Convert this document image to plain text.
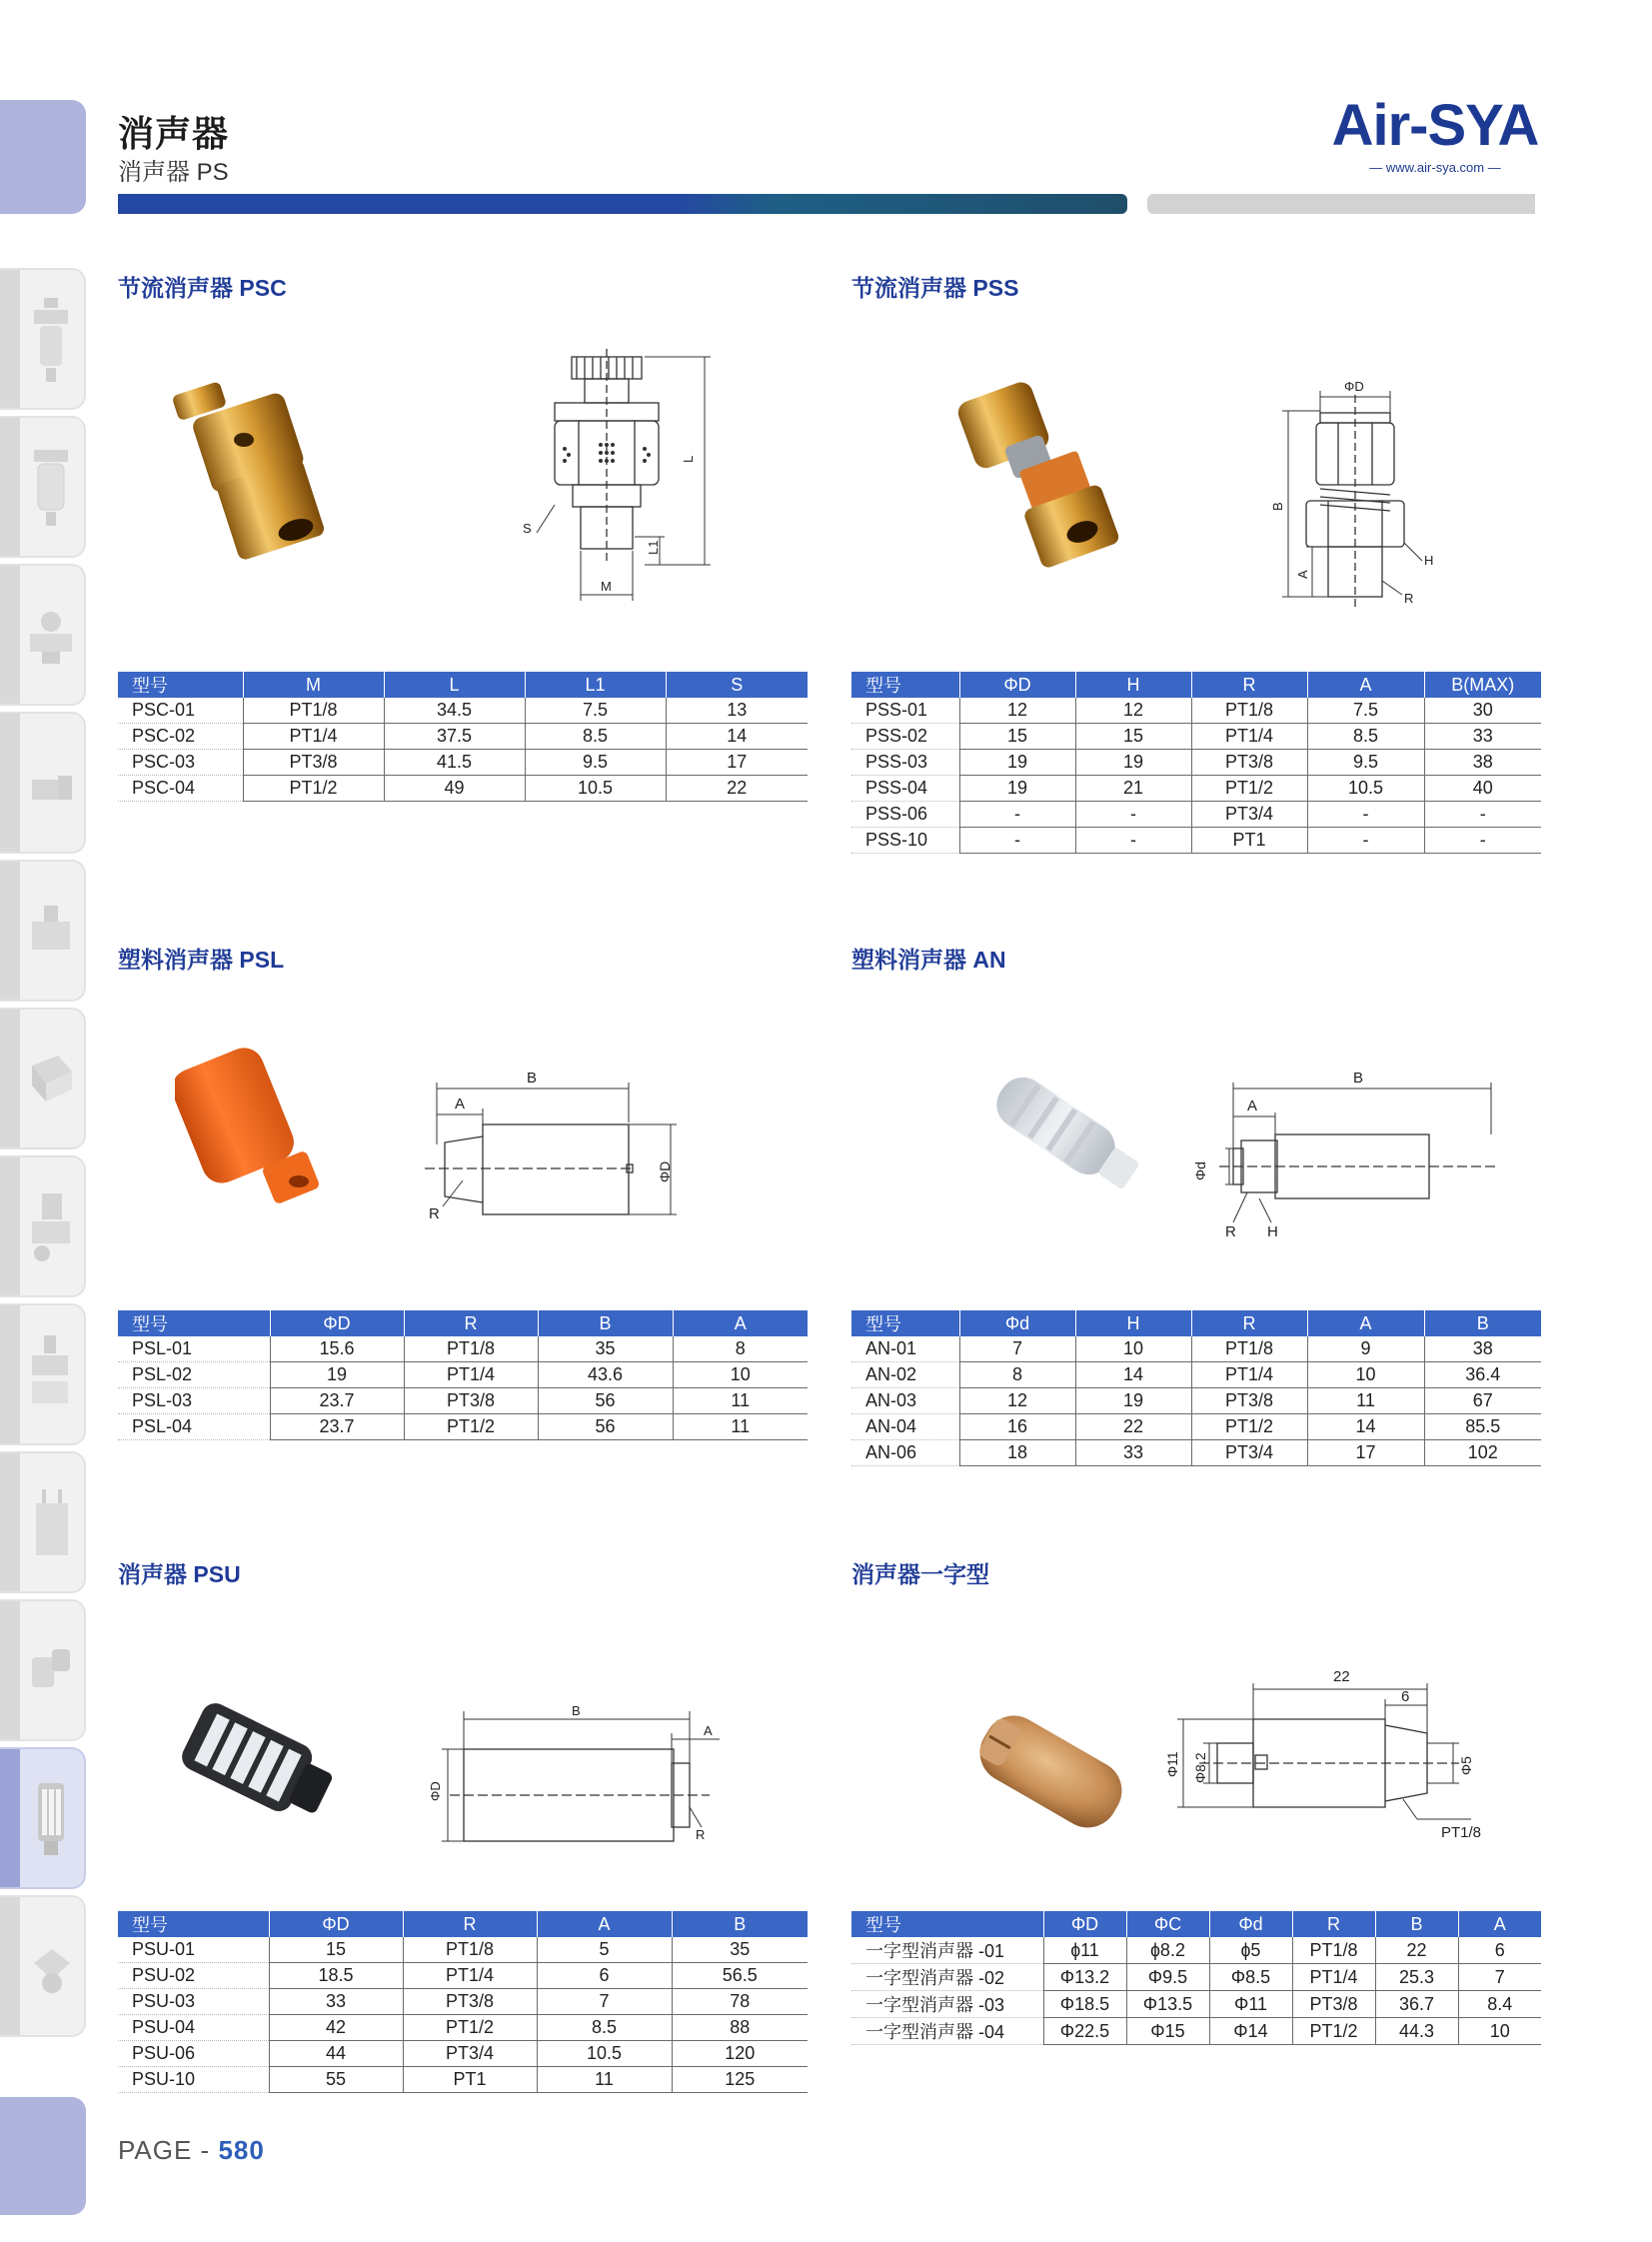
消声器
消声器 PS
Air-SYA
— www.air-sya.com —
节流消声器 PSC
L
L1
S
M
型号	M	L	L1	S
PSC-01	PT1/8	34.5	7.5	13
PSC-02	PT1/4	37.5	8.5	14
PSC-03	PT3/8	41.5	9.5	17
PSC-04	PT1/2	49	10.5	22
节流消声器 PSS
ΦD
B
A
H
R
型号	ΦD	H	R	A	B(MAX)
PSS-01	12	12	PT1/8	7.5	30
PSS-02	15	15	PT1/4	8.5	33
PSS-03	19	19	PT3/8	9.5	38
PSS-04	19	21	PT1/2	10.5	40
PSS-06	-	-	PT3/4	-	-
PSS-10	-	-	PT1	-	-
塑料消声器 PSL
B
A
ΦD
R
型号	ΦD	R	B	A
PSL-01	15.6	PT1/8	35	8
PSL-02	19	PT1/4	43.6	10
PSL-03	23.7	PT3/8	56	11
PSL-04	23.7	PT1/2	56	11
塑料消声器 AN
B
A
Φd
R H
型号	Φd	H	R	A	B
AN-01	7	10	PT1/8	9	38
AN-02	8	14	PT1/4	10	36.4
AN-03	12	19	PT3/8	11	67
AN-04	16	22	PT1/2	14	85.5
AN-06	18	33	PT3/4	17	102
消声器 PSU
B
A
ΦD
R
型号	ΦD	R	A	B
PSU-01	15	PT1/8	5	35
PSU-02	18.5	PT1/4	6	56.5
PSU-03	33	PT3/8	7	78
PSU-04	42	PT1/2	8.5	88
PSU-06	44	PT3/4	10.5	120
PSU-10	55	PT1	11	125
消声器一字型
22
6
Φ11 Φ8.2	Φ5
PT1/8
型号	ΦD	ΦC	Φd	R	B	A
一字型消声器 -01	ɸ11	ɸ8.2	ɸ5	PT1/8	22	6
一字型消声器 -02	Φ13.2	Φ9.5	Φ8.5	PT1/4	25.3	7
一字型消声器 -03	Φ18.5	Φ13.5	Φ11	PT3/8	36.7	8.4
一字型消声器 -04	Φ22.5	Φ15	Φ14	PT1/2	44.3	10
PAGE - 580
